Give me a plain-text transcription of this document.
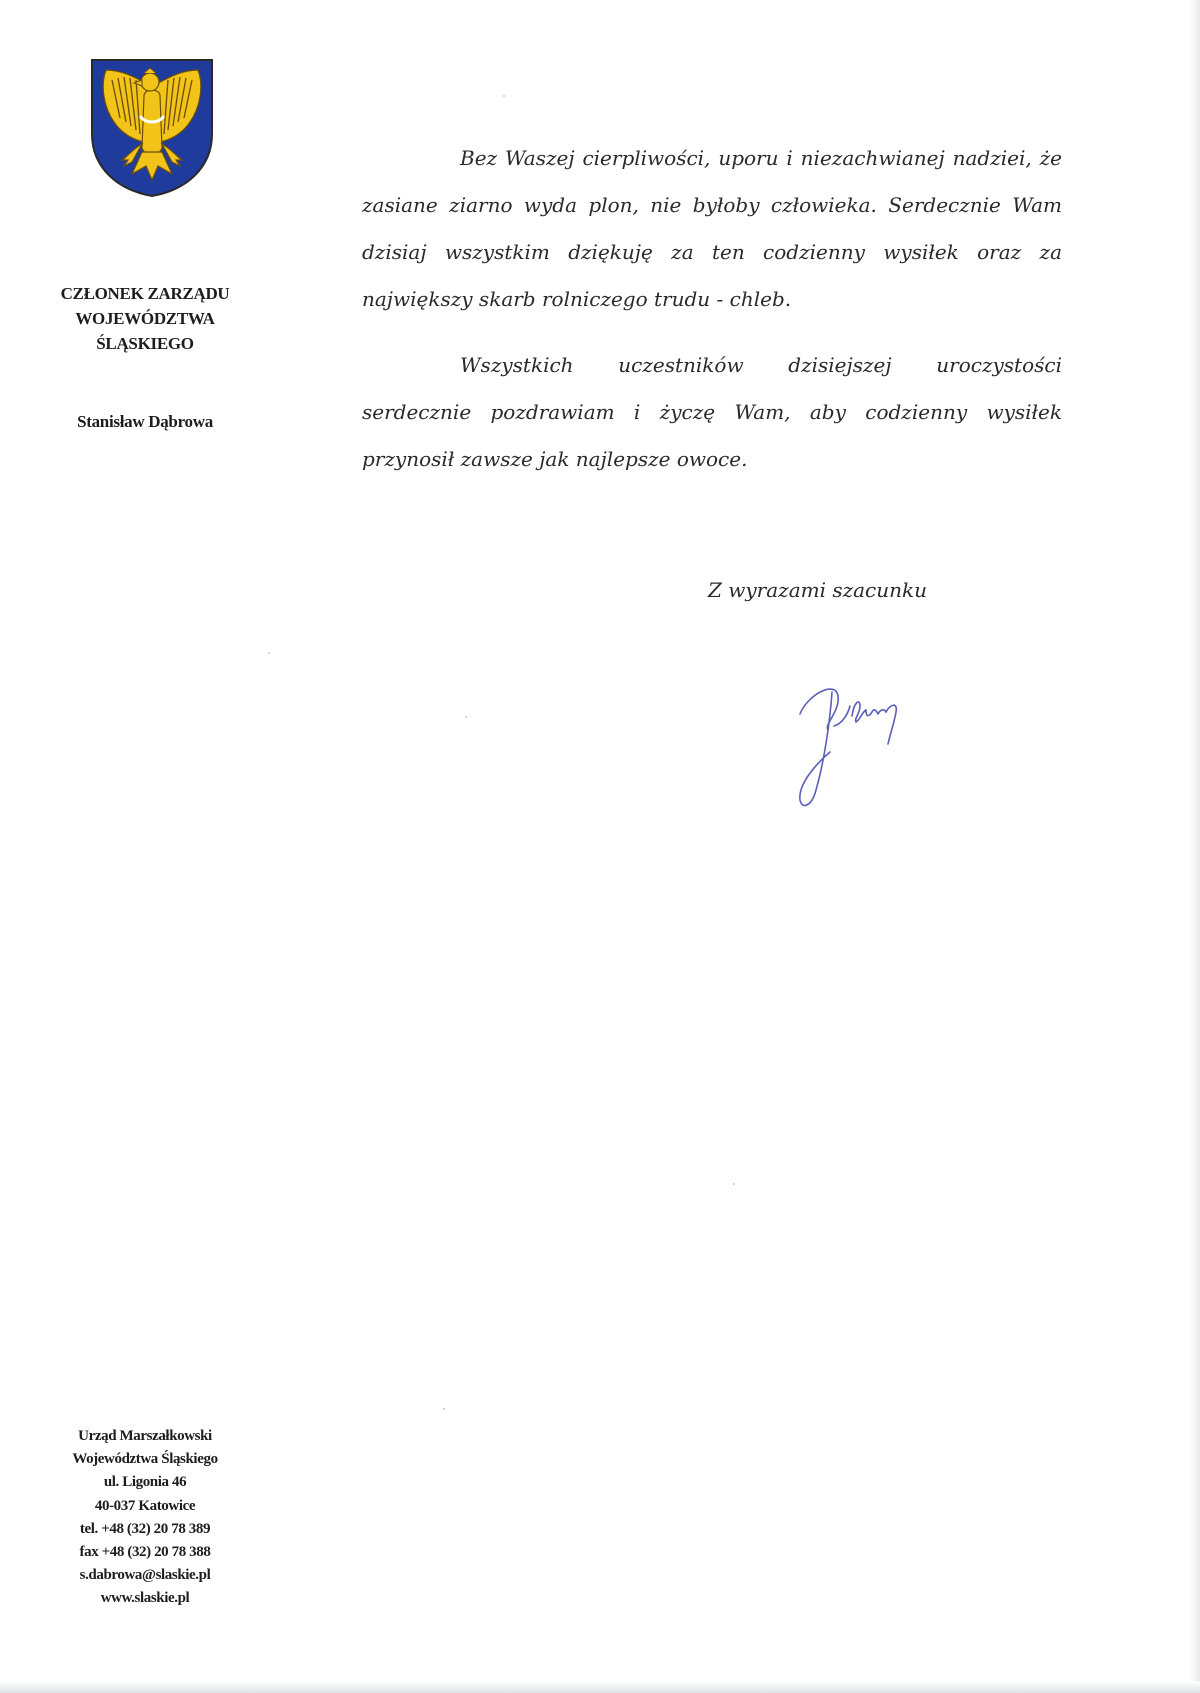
CZŁONEK ZARZĄDU
WOJEWÓDZTWA
ŚLĄSKIEGO
Stanisław Dąbrowa

Bez Waszej cierpliwości, uporu i niezachwianej nadziei, że zasiane ziarno wyda plon, nie byłoby człowieka. Serdecznie Wam dzisiaj wszystkim dziękuję za ten codzienny wysiłek oraz za największy skarb rolniczego trudu - chleb.

Wszystkich uczestników dzisiejszej uroczystości serdecznie pozdrawiam i życzę Wam, aby codzienny wysiłek przynosił zawsze jak najlepsze owoce.

Z wyrazami szacunku
Urząd Marszałkowski
Województwa Śląskiego
ul. Ligonia 46
40-037 Katowice
tel. +48 (32) 20 78 389
fax +48 (32) 20 78 388
s.dabrowa@slaskie.pl
www.slaskie.pl
